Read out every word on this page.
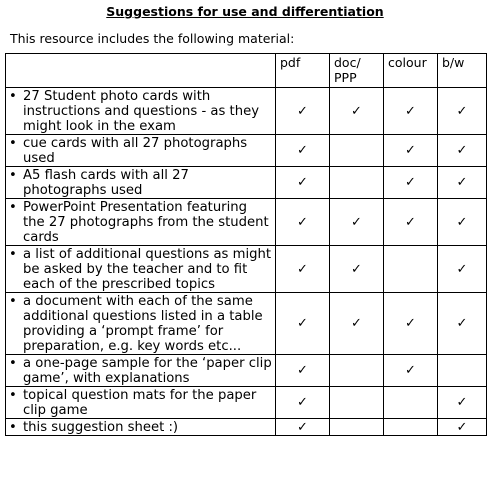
Suggestions for use and differentiation
This resource includes the following material:
	pdf	doc/ PPP	colour	b/w

• 27 Student photo cards with instructions and questions - as they might look in the exam	✓	✓	✓	✓

• cue cards with all 27 photographs used	✓		✓	✓

• A5 flash cards with all 27 photographs used	✓		✓	✓

• PowerPoint Presentation featuring the 27 photographs from the student cards	✓	✓	✓	✓

• a list of additional questions as might be asked by the teacher and to fit each of the prescribed topics	✓	✓		✓

• a document with each of the same additional questions listed in a table providing a ‘prompt frame’ for preparation, e.g. key words etc...	✓	✓	✓	✓

• a one-page sample for the ‘paper clip game’, with explanations	✓		✓	

• topical question mats for the paper clip game	✓			✓

• this suggestion sheet :)	✓			✓
